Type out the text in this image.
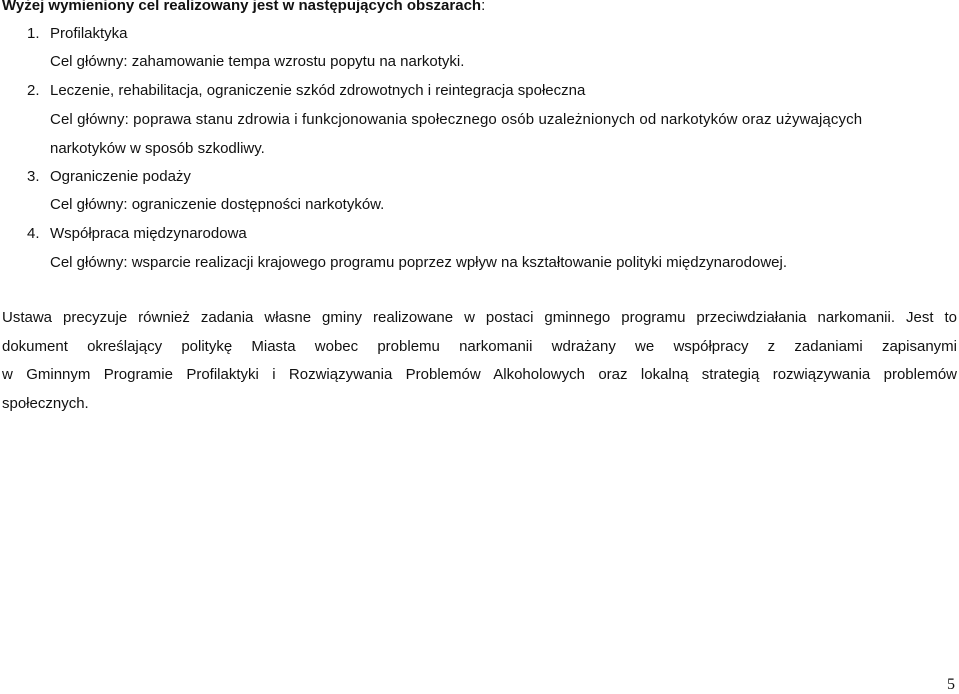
Wyżej wymieniony cel realizowany jest w następujących obszarach:
1. Profilaktyka
Cel główny: zahamowanie tempa wzrostu popytu na narkotyki.
2. Leczenie, rehabilitacja, ograniczenie szkód zdrowotnych i reintegracja społeczna
Cel główny: poprawa stanu zdrowia i funkcjonowania społecznego osób uzależnionych od narkotyków oraz używających
narkotyków w sposób szkodliwy.
3. Ograniczenie podaży
Cel główny: ograniczenie dostępności narkotyków.
4. Współpraca międzynarodowa
Cel główny: wsparcie realizacji krajowego programu poprzez wpływ na kształtowanie polityki międzynarodowej.
Ustawa precyzuje również zadania własne gminy realizowane w postaci gminnego programu przeciwdziałania narkomanii. Jest to
dokument określający politykę Miasta wobec problemu narkomanii wdrażany we współpracy z zadaniami zapisanymi
w Gminnym Programie Profilaktyki i Rozwiązywania Problemów Alkoholowych oraz lokalną strategią rozwiązywania problemów
społecznych.
5
